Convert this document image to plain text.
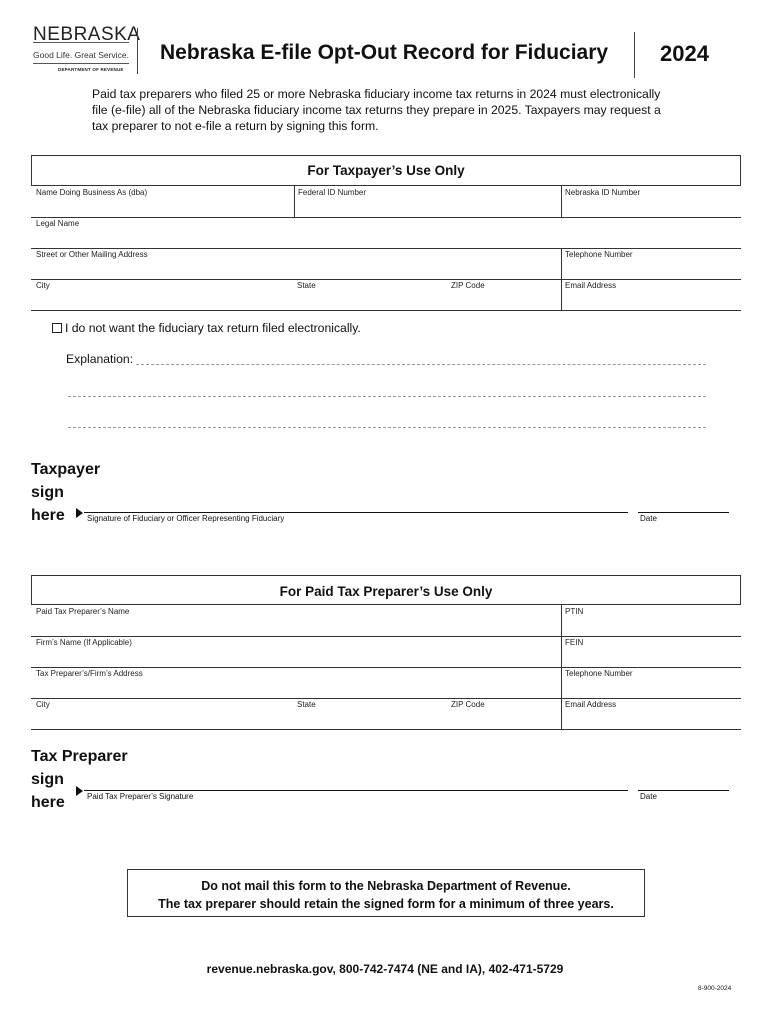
NEBRASKA
Good Life. Great Service.
DEPARTMENT OF REVENUE
Nebraska E-file Opt-Out Record for Fiduciary 2024
Paid tax preparers who filed 25 or more Nebraska fiduciary income tax returns in 2024 must electronically
file (e-file) all of the Nebraska fiduciary income tax returns they prepare in 2025. Taxpayers may request a
tax preparer to not e-file a return by signing this form.
For Taxpayer’s Use Only
Name Doing Business As (dba)	Federal ID Number	Nebraska ID Number
Legal Name
Street or Other Mailing Address	Telephone Number
City	State	ZIP Code	Email Address
I do not want the fiduciary tax return filed electronically.
Explanation:
Taxpayer
sign
here	Signature of Fiduciary or Officer Representing Fiduciary	Date
For Paid Tax Preparer’s Use Only
Paid Tax Preparer’s Name	PTIN
Firm’s Name (If Applicable)	FEIN
Tax Preparer’s/Firm’s Address	Telephone Number
City	State	ZIP Code	Email Address
Tax Preparer
sign
here	Paid Tax Preparer’s Signature	Date
Do not mail this form to the Nebraska Department of Revenue.
The tax preparer should retain the signed form for a minimum of three years.
revenue.nebraska.gov, 800-742-7474 (NE and IA), 402-471-5729
8-900-2024
